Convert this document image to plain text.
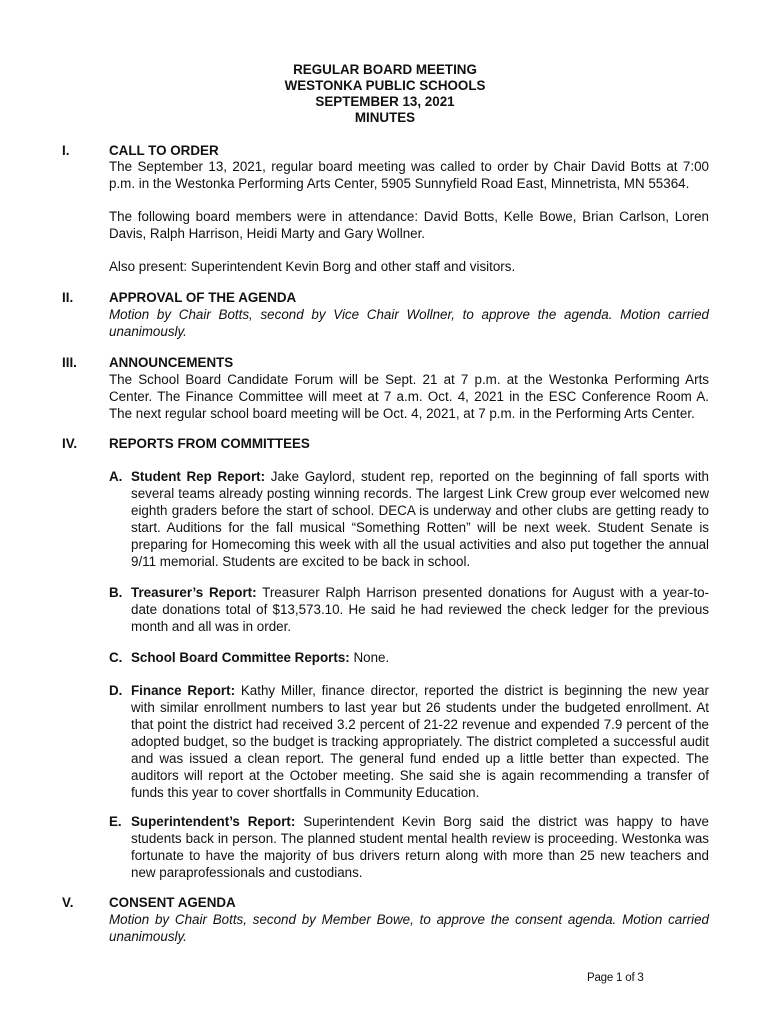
REGULAR BOARD MEETING
WESTONKA PUBLIC SCHOOLS
SEPTEMBER 13, 2021
MINUTES
I.	CALL TO ORDER
The September 13, 2021, regular board meeting was called to order by Chair David Botts at 7:00 p.m. in the Westonka Performing Arts Center, 5905 Sunnyfield Road East, Minnetrista, MN 55364.
The following board members were in attendance: David Botts, Kelle Bowe, Brian Carlson, Loren Davis, Ralph Harrison, Heidi Marty and Gary Wollner.
Also present: Superintendent Kevin Borg and other staff and visitors.
II.	APPROVAL OF THE AGENDA
Motion by Chair Botts, second by Vice Chair Wollner, to approve the agenda. Motion carried unanimously.
III. ANNOUNCEMENTS
The School Board Candidate Forum will be Sept. 21 at 7 p.m. at the Westonka Performing Arts Center. The Finance Committee will meet at 7 a.m. Oct. 4, 2021 in the ESC Conference Room A. The next regular school board meeting will be Oct. 4, 2021, at 7 p.m. in the Performing Arts Center.
IV. REPORTS FROM COMMITTEES
A. Student Rep Report: Jake Gaylord, student rep, reported on the beginning of fall sports with several teams already posting winning records. The largest Link Crew group ever welcomed new eighth graders before the start of school. DECA is underway and other clubs are getting ready to start. Auditions for the fall musical “Something Rotten” will be next week. Student Senate is preparing for Homecoming this week with all the usual activities and also put together the annual 9/11 memorial. Students are excited to be back in school.
B. Treasurer’s Report: Treasurer Ralph Harrison presented donations for August with a year-to-date donations total of $13,573.10. He said he had reviewed the check ledger for the previous month and all was in order.
C. School Board Committee Reports: None.
D. Finance Report: Kathy Miller, finance director, reported the district is beginning the new year with similar enrollment numbers to last year but 26 students under the budgeted enrollment. At that point the district had received 3.2 percent of 21-22 revenue and expended 7.9 percent of the adopted budget, so the budget is tracking appropriately. The district completed a successful audit and was issued a clean report. The general fund ended up a little better than expected. The auditors will report at the October meeting. She said she is again recommending a transfer of funds this year to cover shortfalls in Community Education.
E. Superintendent’s Report: Superintendent Kevin Borg said the district was happy to have students back in person. The planned student mental health review is proceeding. Westonka was fortunate to have the majority of bus drivers return along with more than 25 new teachers and new paraprofessionals and custodians.
V.	CONSENT AGENDA
Motion by Chair Botts, second by Member Bowe, to approve the consent agenda. Motion carried unanimously.
Page 1 of 3
